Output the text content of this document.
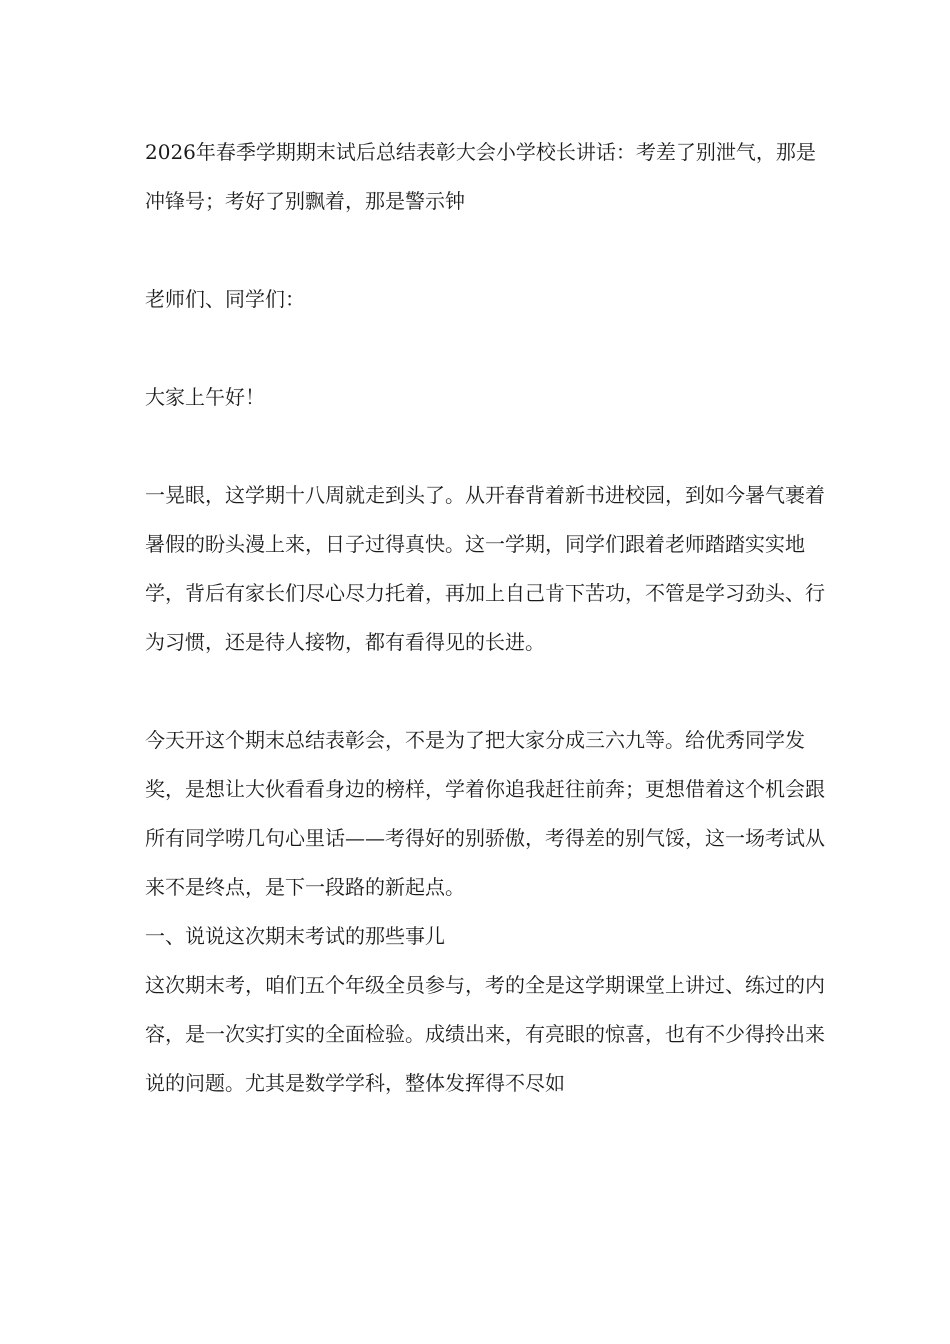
2026年春季学期期末试后总结表彰大会小学校长讲话：考差了别泄气，那是冲锋号；考好了别飘着，那是警示钟

老师们、同学们：

大家上午好！

一晃眼，这学期十八周就走到头了。从开春背着新书进校园，到如今暑气裹着暑假的盼头漫上来，日子过得真快。这一学期，同学们跟着老师踏踏实实地学，背后有家长们尽心尽力托着，再加上自己肯下苦功，不管是学习劲头、行为习惯，还是待人接物，都有看得见的长进。

今天开这个期末总结表彰会，不是为了把大家分成三六九等。给优秀同学发奖，是想让大伙看看身边的榜样，学着你追我赶往前奔；更想借着这个机会跟所有同学唠几句心里话——考得好的别骄傲，考得差的别气馁，这一场考试从来不是终点，是下一段路的新起点。

一、说说这次期末考试的那些事儿

这次期末考，咱们五个年级全员参与，考的全是这学期课堂上讲过、练过的内容，是一次实打实的全面检验。成绩出来，有亮眼的惊喜，也有不少得拎出来说的问题。尤其是数学学科，整体发挥得不尽如
